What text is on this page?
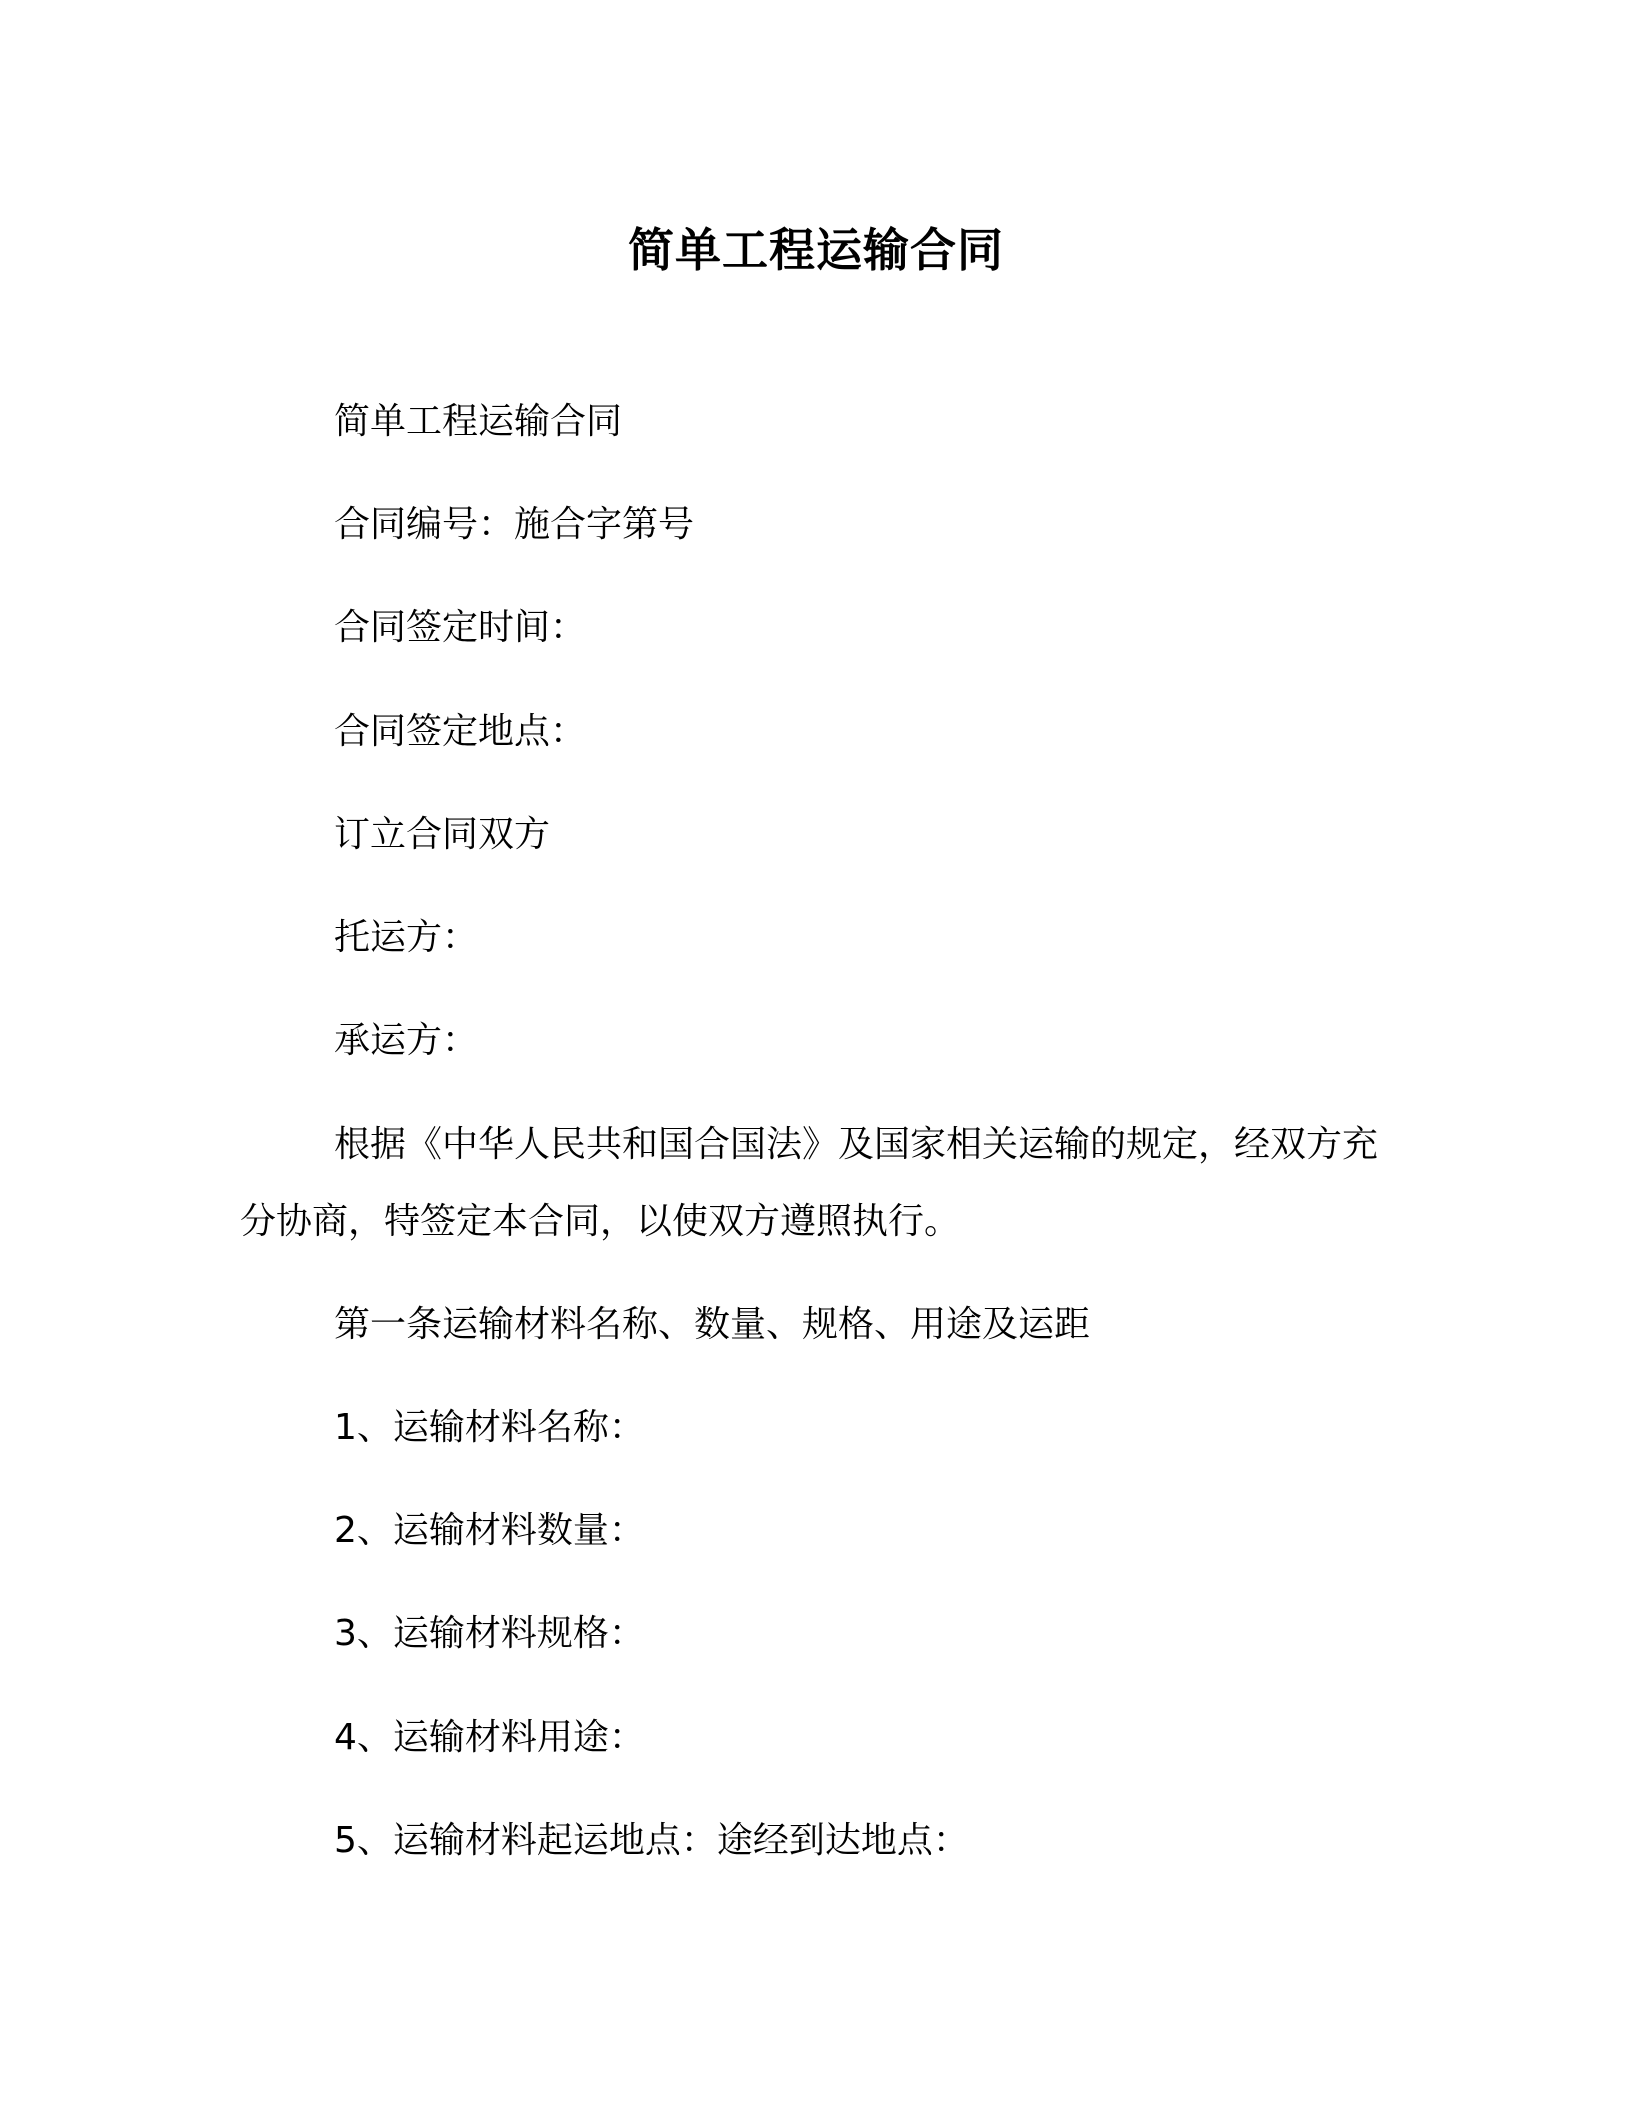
简单工程运输合同
简单工程运输合同
合同编号：施合字第号
合同签定时间：
合同签定地点：
订立合同双方
托运方：
承运方：

根据《中华人民共和国合国法》及国家相关运输的规定，经双方充分协商，特签定本合同，以使双方遵照执行。

第一条运输材料名称、数量、规格、用途及运距
1、运输材料名称：
2、运输材料数量：
3、运输材料规格：
4、运输材料用途：
5、运输材料起运地点：途经到达地点：
